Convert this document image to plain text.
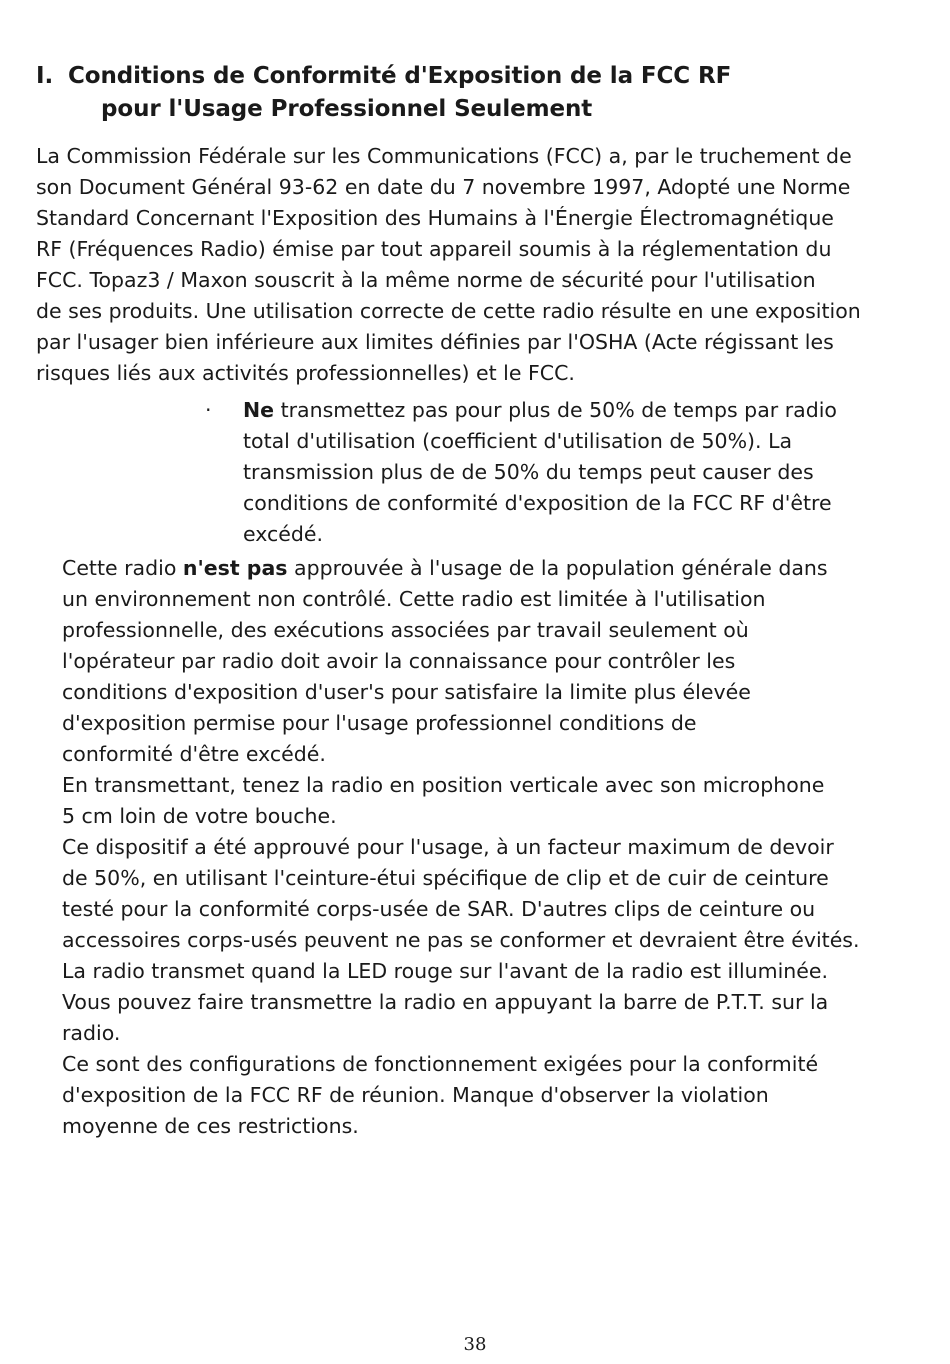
I. Conditions de Conformité d'Exposition de la FCC RF
pour l'Usage Professionnel Seulement
La Commission Fédérale sur les Communications (FCC) a, par le truchement de
son Document Général 93-62 en date du 7 novembre 1997, Adopté une Norme
Standard Concernant l'Exposition des Humains à l'Énergie Électromagnétique
RF (Fréquences Radio) émise par tout appareil soumis à la réglementation du
FCC. Topaz3 / Maxon souscrit à la même norme de sécurité pour l'utilisation
de ses produits. Une utilisation correcte de cette radio résulte en une exposition
par l'usager bien inférieure aux limites définies par l'OSHA (Acte régissant les
risques liés aux activités professionnelles) et le FCC.
· Ne transmettez pas pour plus de 50% de temps par radio
total d'utilisation (coefficient d'utilisation de 50%). La
transmission plus de de 50% du temps peut causer des
conditions de conformité d'exposition de la FCC RF d'être
excédé.

Cette radio n'est pas approuvée à l'usage de la population générale dans
un environnement non contrôlé. Cette radio est limitée à l'utilisation
professionnelle, des exécutions associées par travail seulement où
l'opérateur par radio doit avoir la connaissance pour contrôler les
conditions d'exposition d'user's pour satisfaire la limite plus élevée
d'exposition permise pour l'usage professionnel conditions de
conformité d'être excédé.

En transmettant, tenez la radio en position verticale avec son microphone
5 cm loin de votre bouche.

Ce dispositif a été approuvé pour l'usage, à un facteur maximum de devoir
de 50%, en utilisant l'ceinture-étui spécifique de clip et de cuir de ceinture
testé pour la conformité corps-usée de SAR. D'autres clips de ceinture ou
accessoires corps-usés peuvent ne pas se conformer et devraient être évités.

La radio transmet quand la LED rouge sur l'avant de la radio est illuminée.

Vous pouvez faire transmettre la radio en appuyant la barre de P.T.T. sur la
radio.

Ce sont des configurations de fonctionnement exigées pour la conformité
d'exposition de la FCC RF de réunion. Manque d'observer la violation
moyenne de ces restrictions.

38
